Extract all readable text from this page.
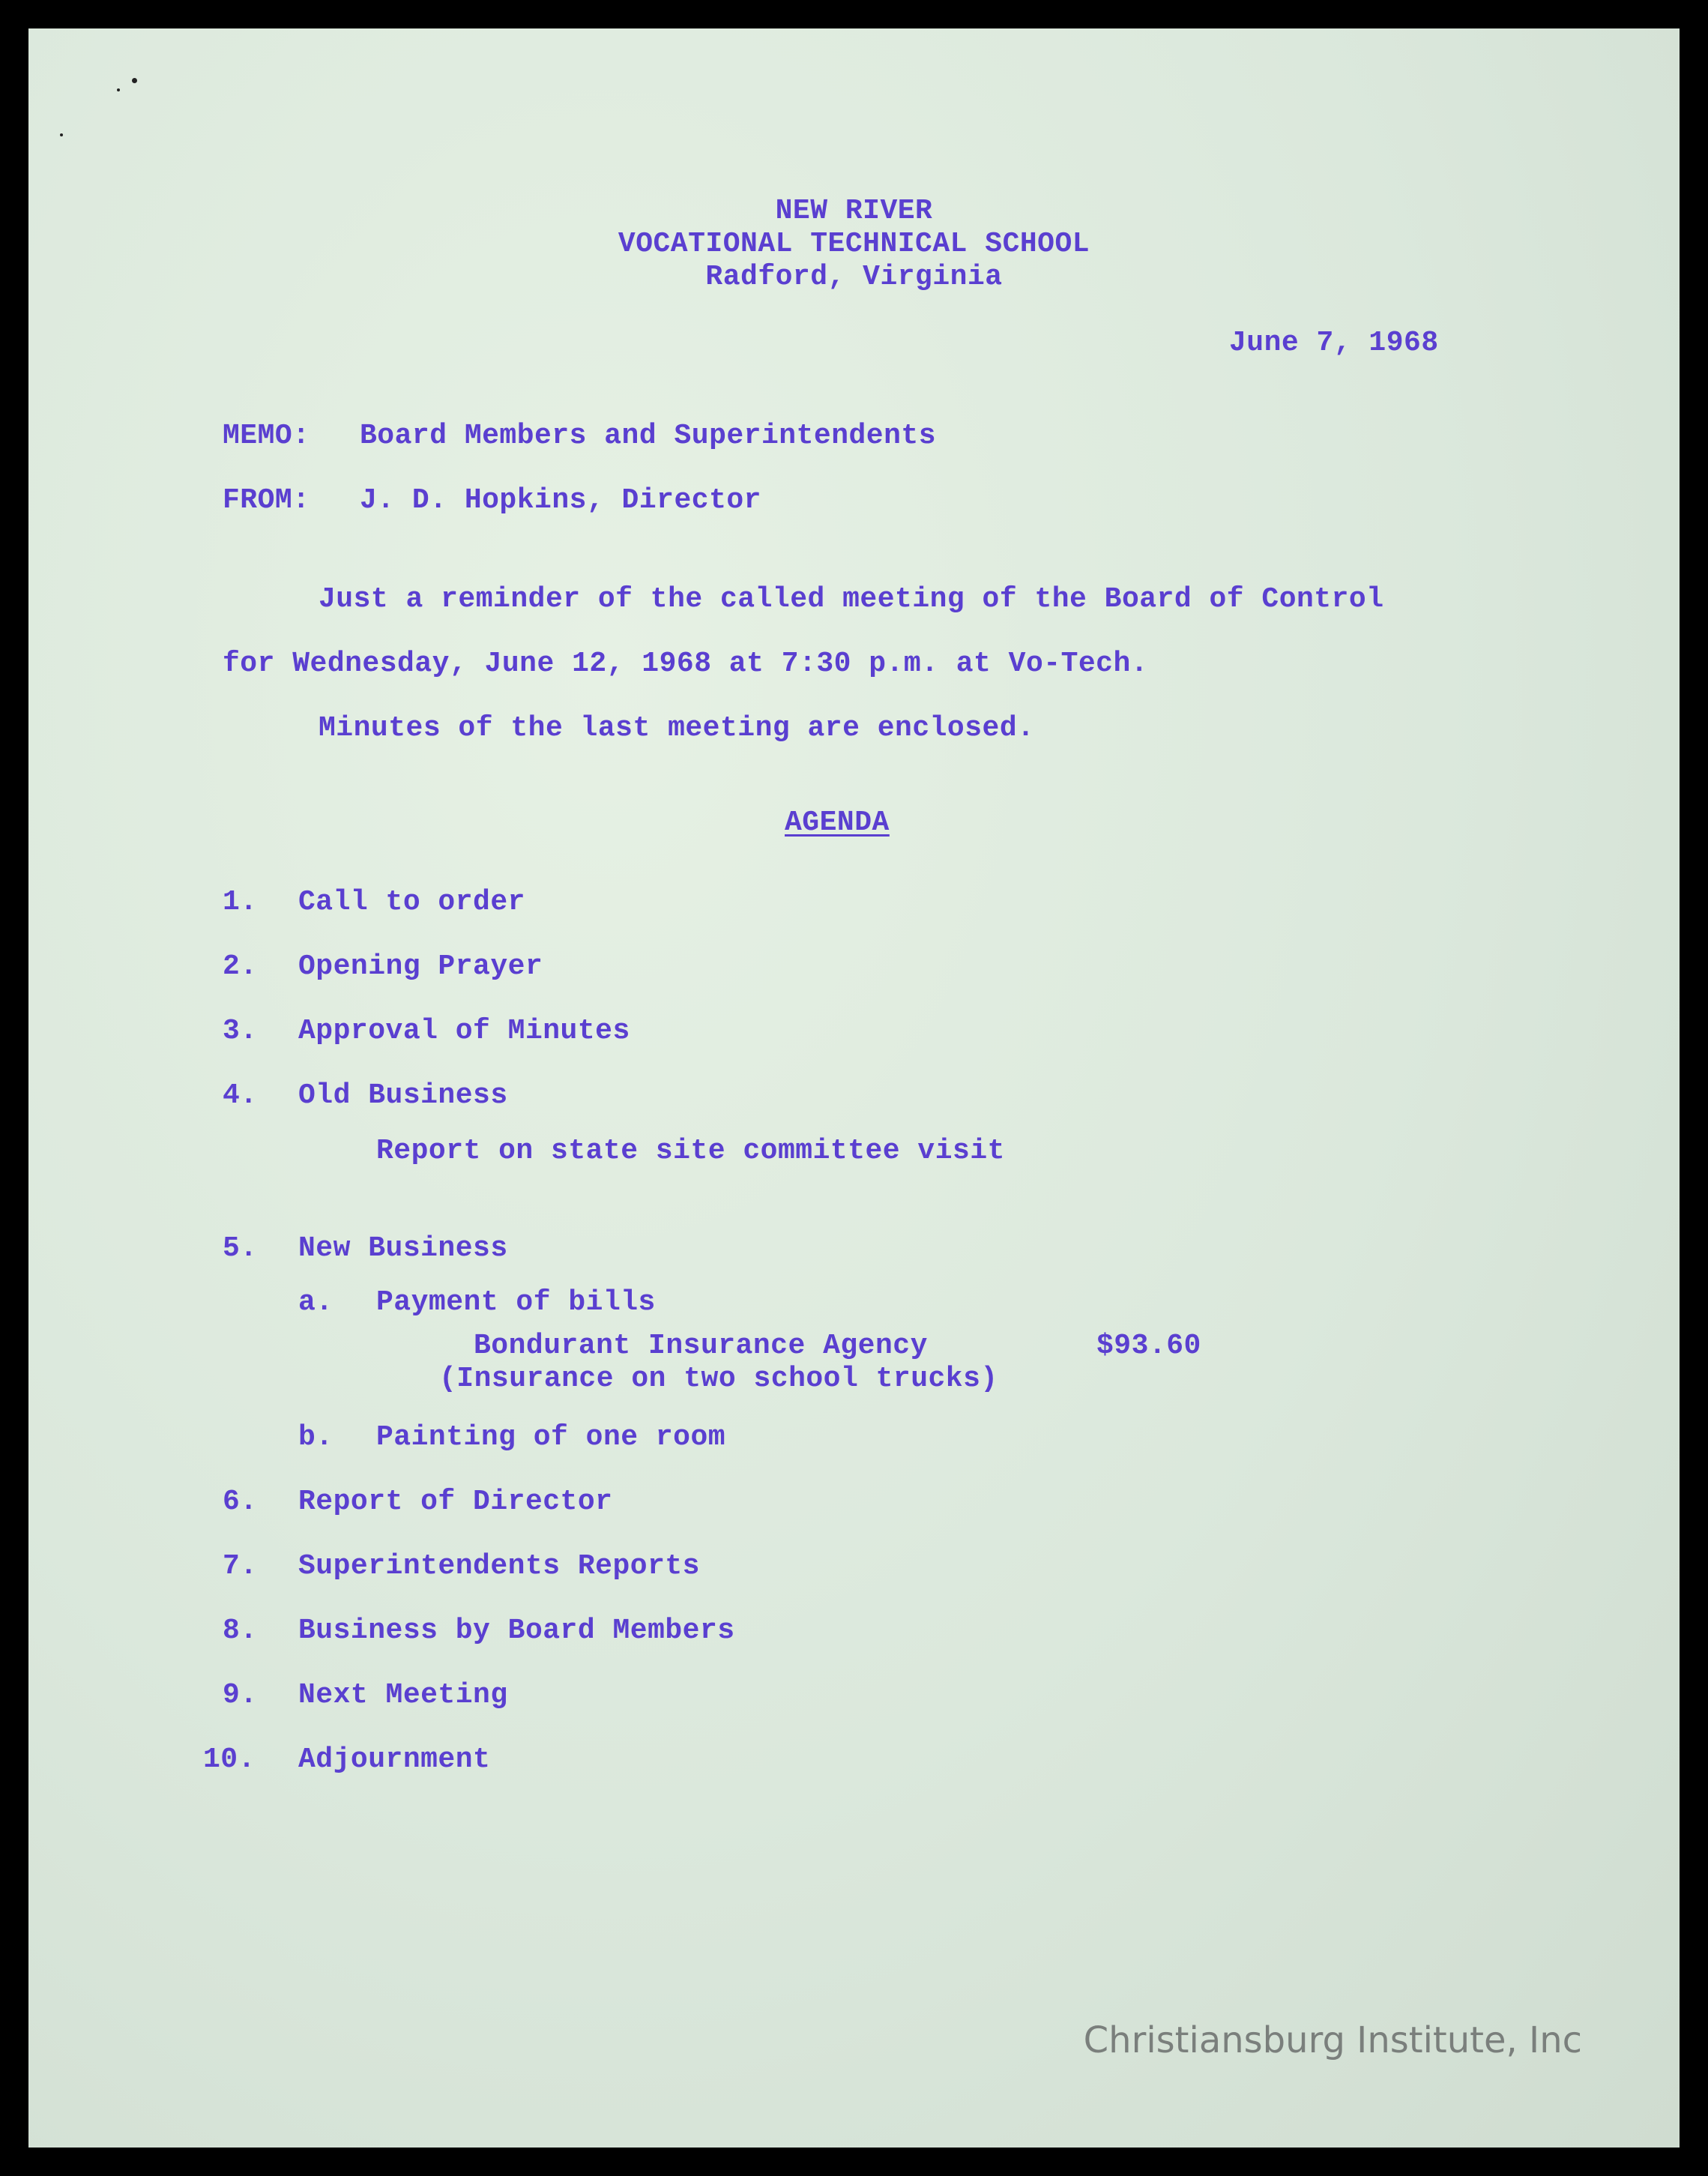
NEW RIVER
VOCATIONAL TECHNICAL SCHOOL
Radford, Virginia
June 7, 1968
MEMO: Board Members and Superintendents
FROM: J. D. Hopkins, Director
Just a reminder of the called meeting of the Board of Control
for Wednesday, June 12, 1968 at 7:30 p.m. at Vo-Tech.
Minutes of the last meeting are enclosed.
AGENDA
1. Call to order
2. Opening Prayer
3. Approval of Minutes
4. Old Business
Report on state site committee visit
5. New Business
a. Payment of bills
Bondurant Insurance Agency	$93.60
(Insurance on two school trucks)
b. Painting of one room
6. Report of Director
7. Superintendents Reports
8. Business by Board Members
9. Next Meeting
10. Adjournment
Christiansburg Institute, Inc
